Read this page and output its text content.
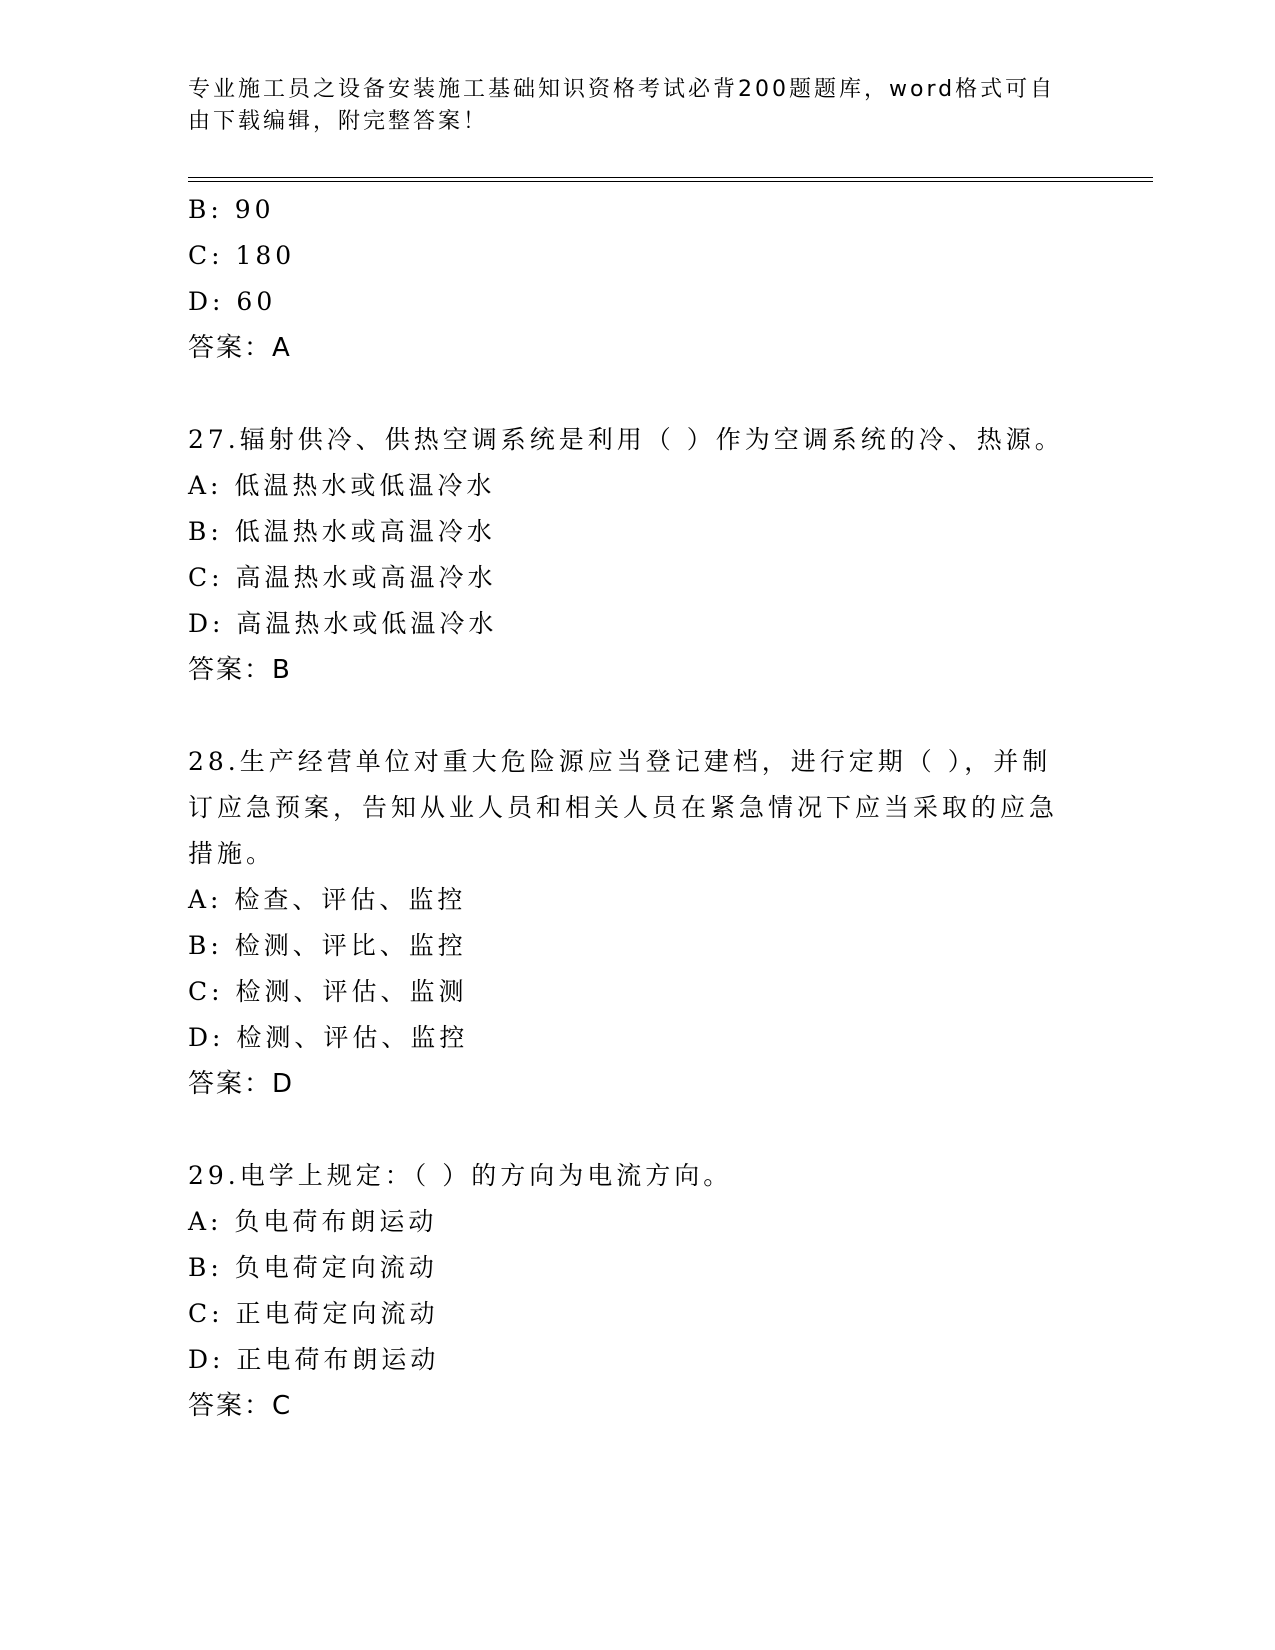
专业施工员之设备安装施工基础知识资格考试必背200题题库，word格式可自由下载编辑，附完整答案！
B: 90
C: 180
D: 60
答案：A
27.辐射供冷、供热空调系统是利用（ ）作为空调系统的冷、热源。
A: 低温热水或低温冷水
B: 低温热水或高温冷水
C: 高温热水或高温冷水
D: 高温热水或低温冷水
答案：B
28.生产经营单位对重大危险源应当登记建档，进行定期（ ），并制
订应急预案，告知从业人员和相关人员在紧急情况下应当采取的应急
措施。
A: 检查、评估、监控
B: 检测、评比、监控
C: 检测、评估、监测
D: 检测、评估、监控
答案：D
29.电学上规定：（ ）的方向为电流方向。
A: 负电荷布朗运动
B: 负电荷定向流动
C: 正电荷定向流动
D: 正电荷布朗运动
答案：C
